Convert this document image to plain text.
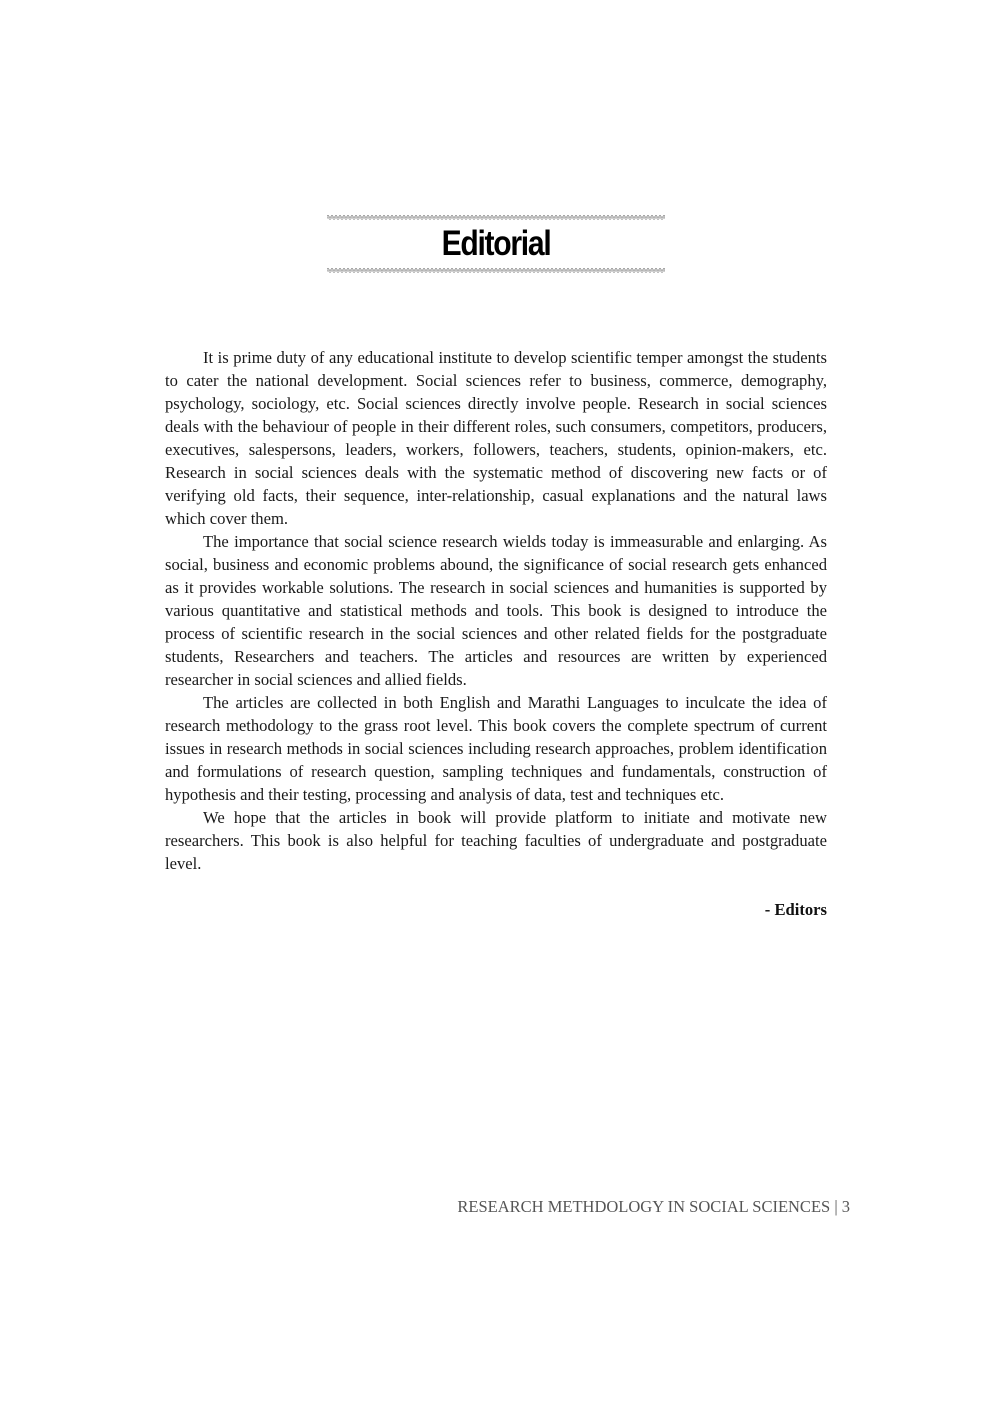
Editorial

It is prime duty of any educational institute to develop scientific temper amongst the students to cater the national development. Social sciences refer to business, commerce, demography, psychology, sociology, etc. Social sciences directly involve people. Research in social sciences deals with the behaviour of people in their different roles, such consumers, competitors, producers, executives, salespersons, leaders, workers, followers, teachers, students, opinion-makers, etc. Research in social sciences deals with the systematic method of discovering new facts or of verifying old facts, their sequence, inter-relationship, casual explanations and the natural laws which cover them.

The importance that social science research wields today is immeasurable and enlarging. As social, business and economic problems abound, the significance of social research gets enhanced as it provides workable solutions. The research in social sciences and humanities is supported by various quantitative and statistical methods and tools. This book is designed to introduce the process of scientific research in the social sciences and other related fields for the postgraduate students, Researchers and teachers. The articles and resources are written by experienced researcher in social sciences and allied fields.

The articles are collected in both English and Marathi Languages to inculcate the idea of research methodology to the grass root level. This book covers the complete spectrum of current issues in research methods in social sciences including research approaches, problem identification and formulations of research question, sampling techniques and fundamentals, construction of hypothesis and their testing, processing and analysis of data, test and techniques etc.

We hope that the articles in book will provide platform to initiate and motivate new researchers. This book is also helpful for teaching faculties of undergraduate and postgraduate level.

- Editors
RESEARCH METHDOLOGY IN SOCIAL SCIENCES | 3
